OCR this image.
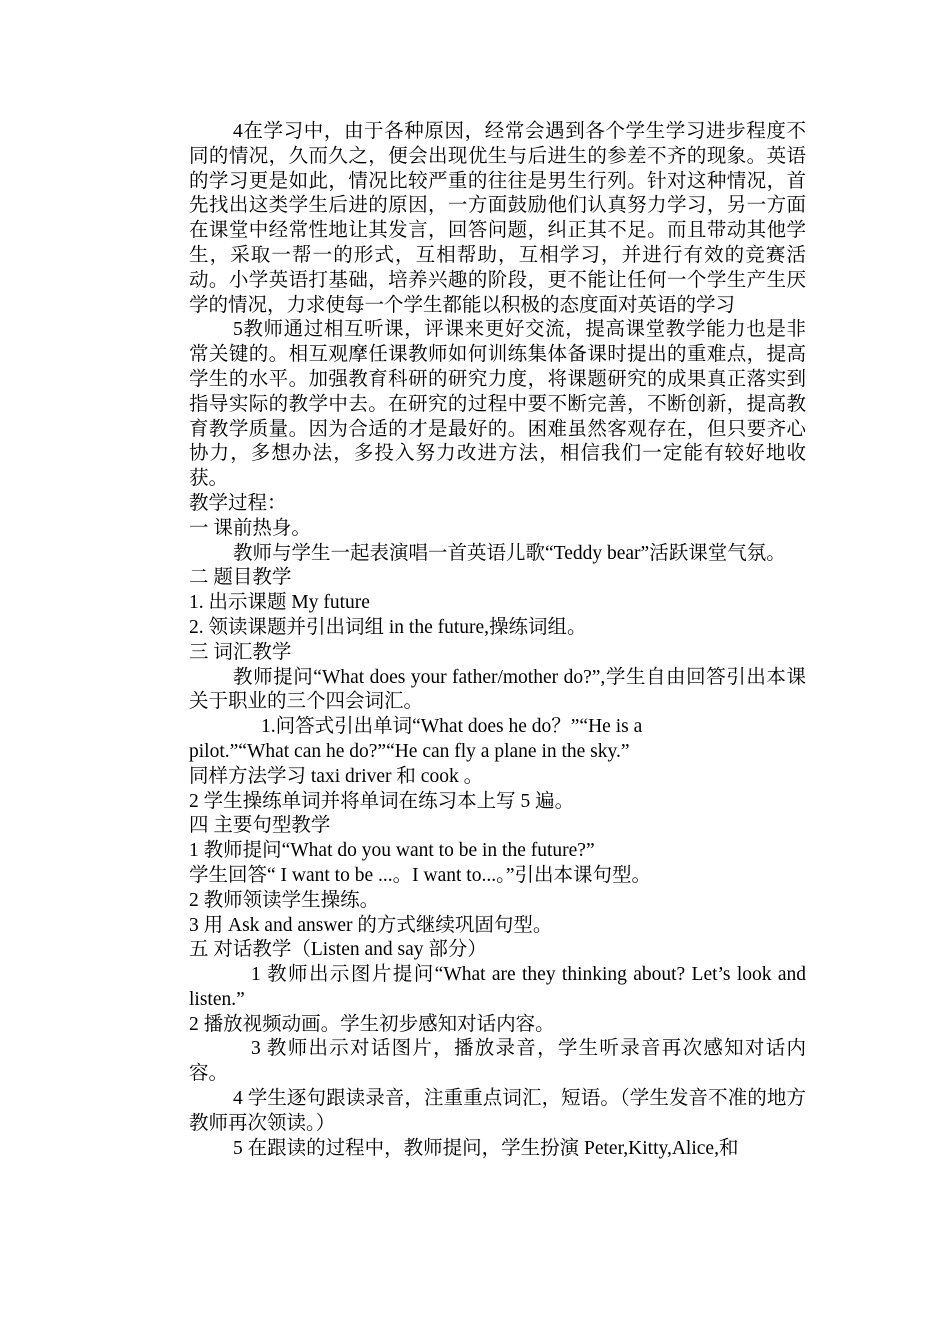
4在学习中，由于各种原因，经常会遇到各个学生学习进步程度不同的情况，久而久之，便会出现优生与后进生的参差不齐的现象。英语的学习更是如此，情况比较严重的往往是男生行列。针对这种情况，首先找出这类学生后进的原因，一方面鼓励他们认真努力学习，另一方面在课堂中经常性地让其发言，回答问题，纠正其不足。而且带动其他学生，采取一帮一的形式，互相帮助，互相学习，并进行有效的竞赛活动。小学英语打基础，培养兴趣的阶段，更不能让任何一个学生产生厌学的情况，力求使每一个学生都能以积极的态度面对英语的学习

5教师通过相互听课，评课来更好交流，提高课堂教学能力也是非常关键的。相互观摩任课教师如何训练集体备课时提出的重难点，提高学生的水平。加强教育科研的研究力度，将课题研究的成果真正落实到指导实际的教学中去。在研究的过程中要不断完善，不断创新，提高教育教学质量。因为合适的才是最好的。困难虽然客观存在，但只要齐心协力，多想办法，多投入努力改进方法，相信我们一定能有较好地收获。

教学过程：

一 课前热身。

教师与学生一起表演唱一首英语儿歌“Teddy bear”活跃课堂气氛。

二 题目教学

1. 出示课题 My future

2. 领读课题并引出词组 in the future,操练词组。

三 词汇教学

教师提问“What does your father/mother do?”,学生自由回答引出本课关于职业的三个四会词汇。

1.问答式引出单词“What does he do？”“He is a

pilot.”“What can he do?”“He can fly a plane in the sky.”

同样方法学习 taxi driver 和 cook 。

2 学生操练单词并将单词在练习本上写 5 遍。

四 主要句型教学

1 教师提问“What do you want to be in the future?”

学生回答“ I want to be ...。I want to...。”引出本课句型。

2 教师领读学生操练。

3 用 Ask and answer 的方式继续巩固句型。

五 对话教学（Listen and say 部分）

1 教师出示图片提问“What are they thinking about? Let’s look and listen.”

2 播放视频动画。学生初步感知对话内容。

3 教师出示对话图片，播放录音，学生听录音再次感知对话内容。

4 学生逐句跟读录音，注重重点词汇，短语。（学生发音不准的地方教师再次领读。）

5 在跟读的过程中，教师提问，学生扮演 Peter,Kitty,Alice,和
